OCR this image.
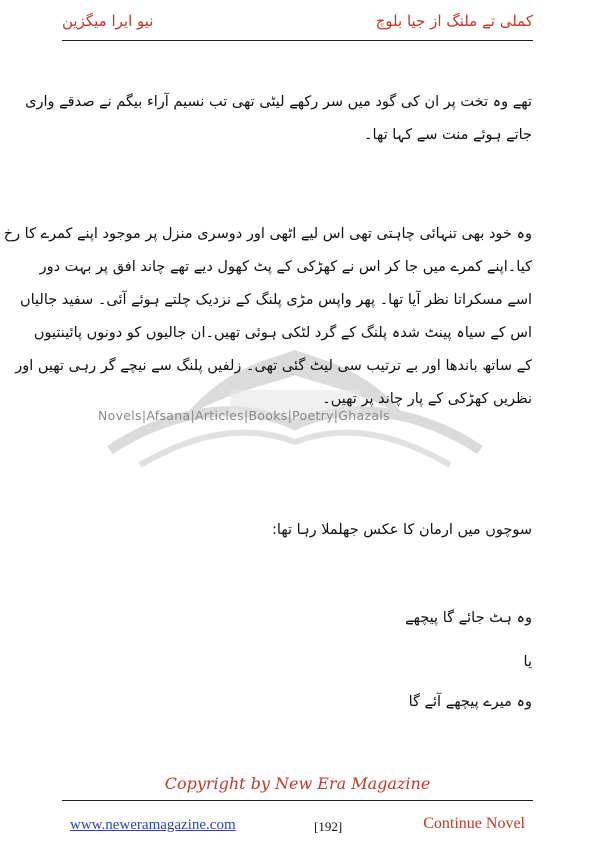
کملی تے ملنگ از جیا بلوچ
نیو ایرا میگزین
Novels|Afsana|Articles|Books|Poetry|Ghazals
تھے وہ تخت پر ان کی گود میں سر رکھے لیٹی تھی تب نسیم آراء بیگم نے صدقے واری
جاتے ہوئے منت سے کہا تھا۔
وہ خود بھی تنہائی چاہتی تھی اس لیے اٹھی اور دوسری منزل پر موجود اپنے کمرے کا رخ
کیا۔اپنے کمرے میں جا کر اس نے کھڑکی کے پٹ کھول دیے تھے چاند افق پر بہت دور
اسے مسکراتا نظر آیا تھا۔ پھر واپس مڑی پلنگ کے نزدیک چلتے ہوئے آئی۔ سفید جالیاں
اس کے سیاہ پینٹ شدہ پلنگ کے گرد لٹکی ہوئی تھیں۔ان جالیوں کو دونوں پائینتیوں
کے ساتھ باندھا اور بے ترتیب سی لیٹ گئی تھی۔ زلفیں پلنگ سے نیچے گر رہی تھیں اور
نظریں کھڑکی کے پار چاند پر تھیں۔
سوچوں میں ارمان کا عکس جھلملا رہا تھا:
وہ ہٹ جائے گا پیچھے
یا
وہ میرے پیچھے آئے گا
Copyright by New Era Magazine
www.neweramagazine.com	[192]	Continue Novel
